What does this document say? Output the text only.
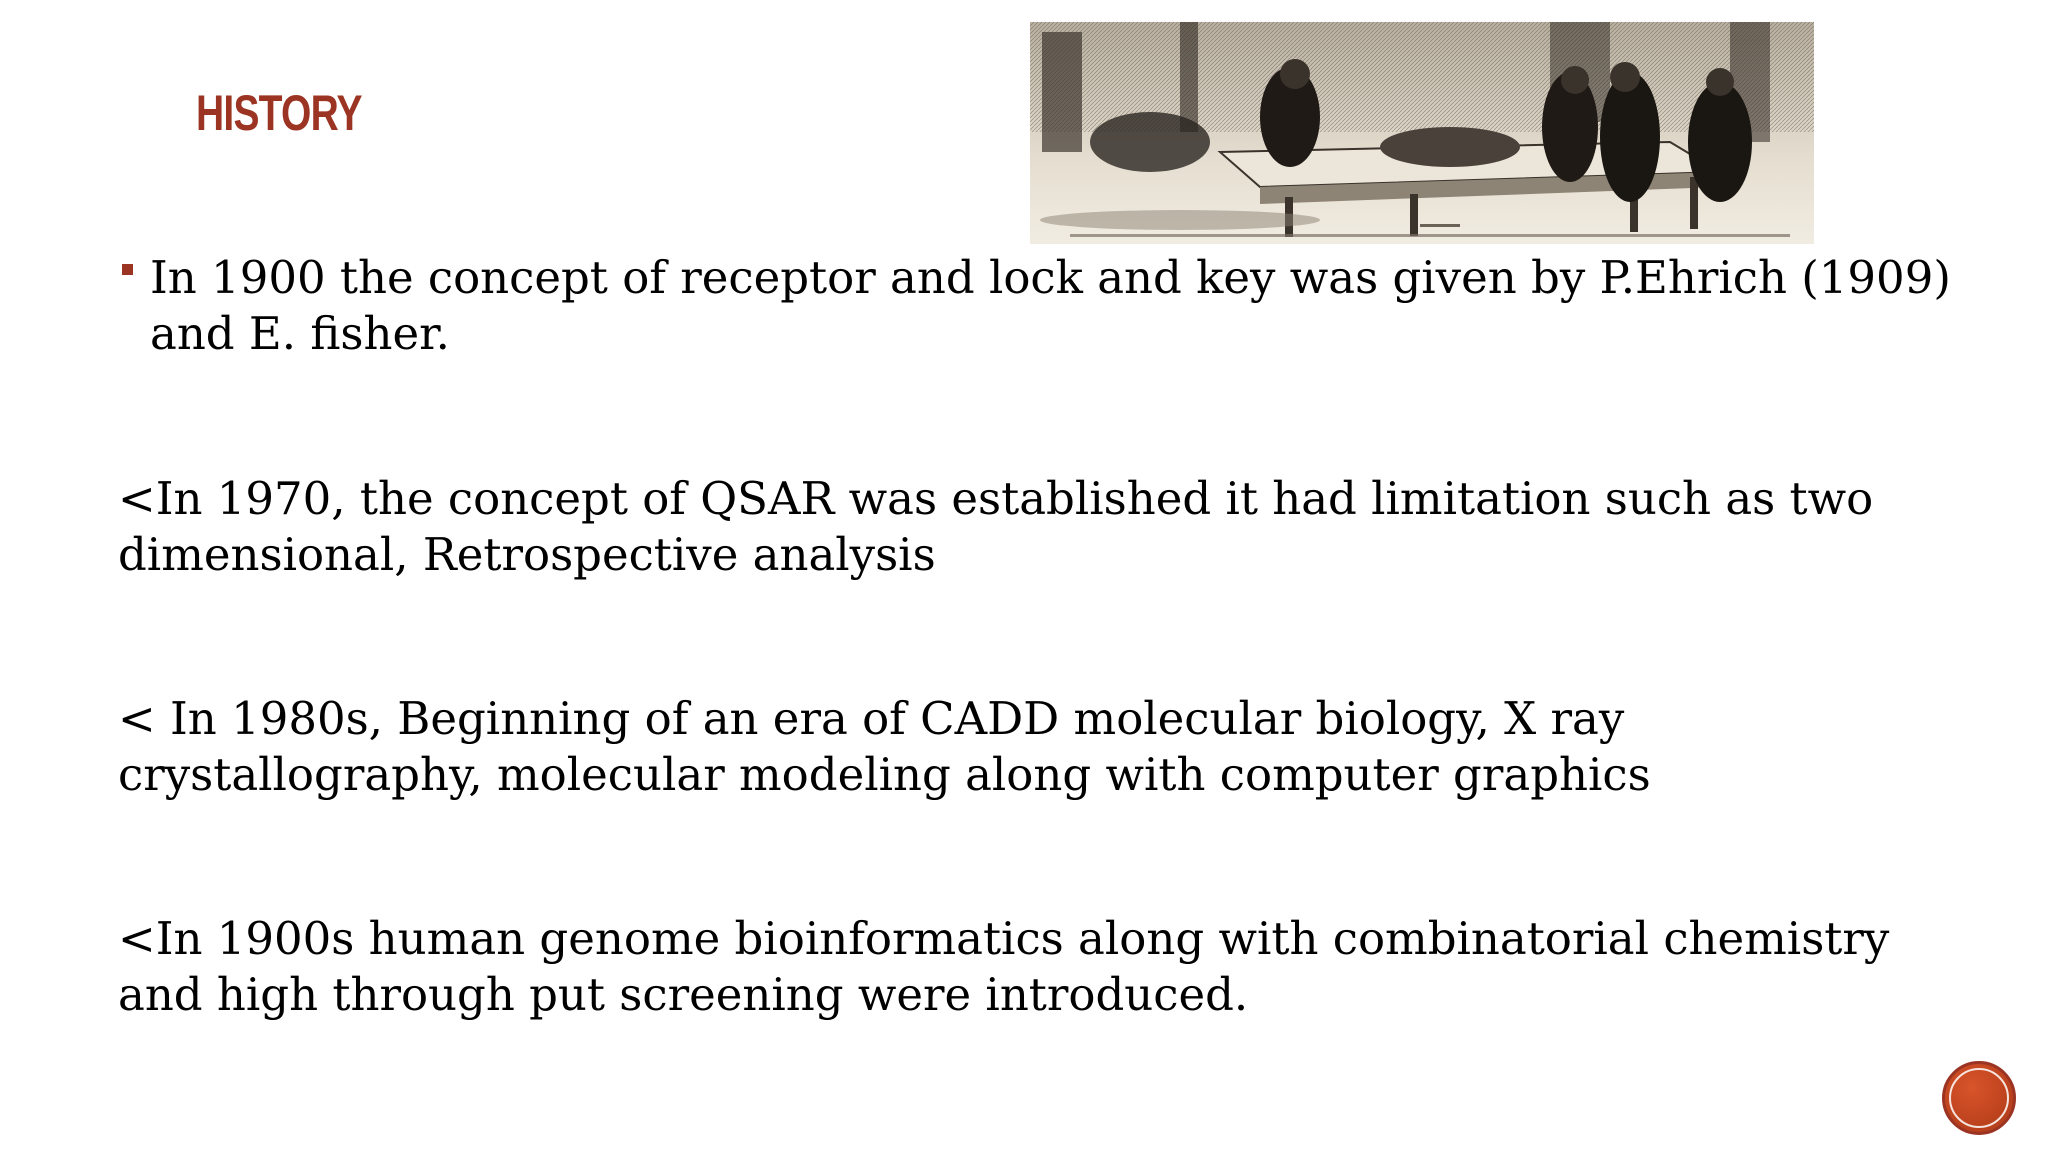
HISTORY
In 1900 the concept of receptor and lock and key was given by P.Ehrich (1909) and E. fisher.
<In 1970, the concept of QSAR was established it had limitation such as two dimensional, Retrospective analysis
< In 1980s, Beginning of an era of CADD molecular biology, X ray crystallography, molecular modeling along with computer graphics
<In 1900s human genome bioinformatics along with combinatorial chemistry and high through put screening were introduced.
